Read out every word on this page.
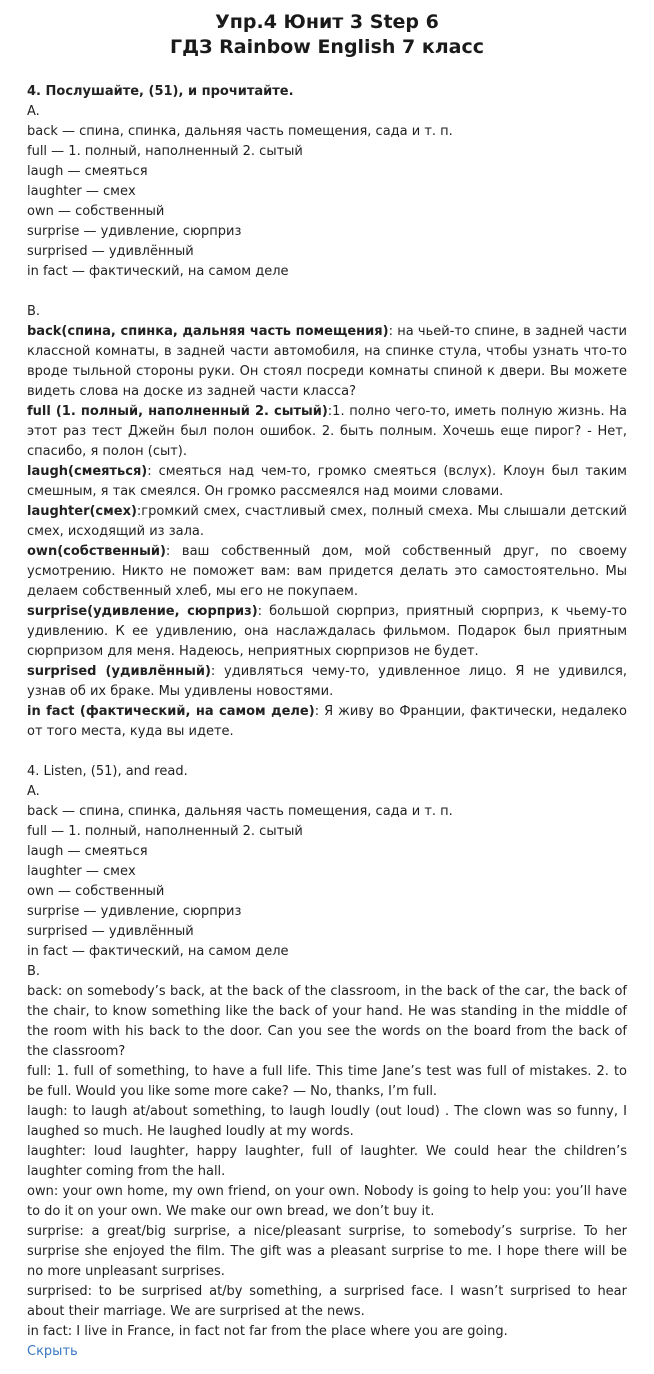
Упр.4 Юнит 3 Step 6
ГДЗ Rainbow English 7 класс
4. Послушайте, (51), и прочитайте.
A.
back — спина, спинка, дальняя часть помещения, сада и т. п.
full — 1. полный, наполненный 2. сытый
laugh — смеяться
laughter — смех
own — собственный
surprise — удивление, сюрприз
surprised — удивлённый
in fact — фактический, на самом деле
B.
back(спина, спинка, дальняя часть помещения): на чьей-то спине, в задней части классной комнаты, в задней части автомобиля, на спинке стула, чтобы узнать что-то вроде тыльной стороны руки. Он стоял посреди комнаты спиной к двери. Вы можете видеть слова на доске из задней части класса?
full (1. полный, наполненный 2. сытый):1. полно чего-то, иметь полную жизнь. На этот раз тест Джейн был полон ошибок. 2. быть полным. Хочешь еще пирог? - Нет, спасибо, я полон (сыт).
laugh(смеяться): смеяться над чем-то, громко смеяться (вслух). Клоун был таким смешным, я так смеялся. Он громко рассмеялся над моими словами.
laughter(смех):громкий смех, счастливый смех, полный смеха. Мы слышали детский смех, исходящий из зала.
own(собственный): ваш собственный дом, мой собственный друг, по своему усмотрению. Никто не поможет вам: вам придется делать это самостоятельно. Мы делаем собственный хлеб, мы его не покупаем.
surprise(удивление, сюрприз): большой сюрприз, приятный сюрприз, к чьему-то удивлению. К ее удивлению, она наслаждалась фильмом. Подарок был приятным сюрпризом для меня. Надеюсь, неприятных сюрпризов не будет.
surprised (удивлённый): удивляться чему-то, удивленное лицо. Я не удивился, узнав об их браке. Мы удивлены новостями.
in fact (фактический, на самом деле): Я живу во Франции, фактически, недалеко от того места, куда вы идете.
4. Listen, (51), and read.
A.
back — спина, спинка, дальняя часть помещения, сада и т. п.
full — 1. полный, наполненный 2. сытый
laugh — смеяться
laughter — смех
own — собственный
surprise — удивление, сюрприз
surprised — удивлённый
in fact — фактический, на самом деле
B.
back: on somebody’s back, at the back of the classroom, in the back of the car, the back of the chair, to know something like the back of your hand. He was standing in the middle of the room with his back to the door. Can you see the words on the board from the back of the classroom?
full: 1. full of something, to have a full life. This time Jane’s test was full of mistakes. 2. to be full. Would you like some more cake? — No, thanks, I’m full.
laugh: to laugh at/about something, to laugh loudly (out loud) . The clown was so funny, I laughed so much. He laughed loudly at my words.
laughter: loud laughter, happy laughter, full of laughter. We could hear the children’s laughter coming from the hall.
own: your own home, my own friend, on your own. Nobody is going to help you: you’ll have to do it on your own. We make our own bread, we don’t buy it.
surprise: a great/big surprise, a nice/pleasant surprise, to somebody’s surprise. To her surprise she enjoyed the film. The gift was a pleasant surprise to me. I hope there will be no more unpleasant surprises.
surprised: to be surprised at/by something, a surprised face. I wasn’t surprised to hear about their marriage. We are surprised at the news.
in fact: I live in France, in fact not far from the place where you are going.
Скрыть
